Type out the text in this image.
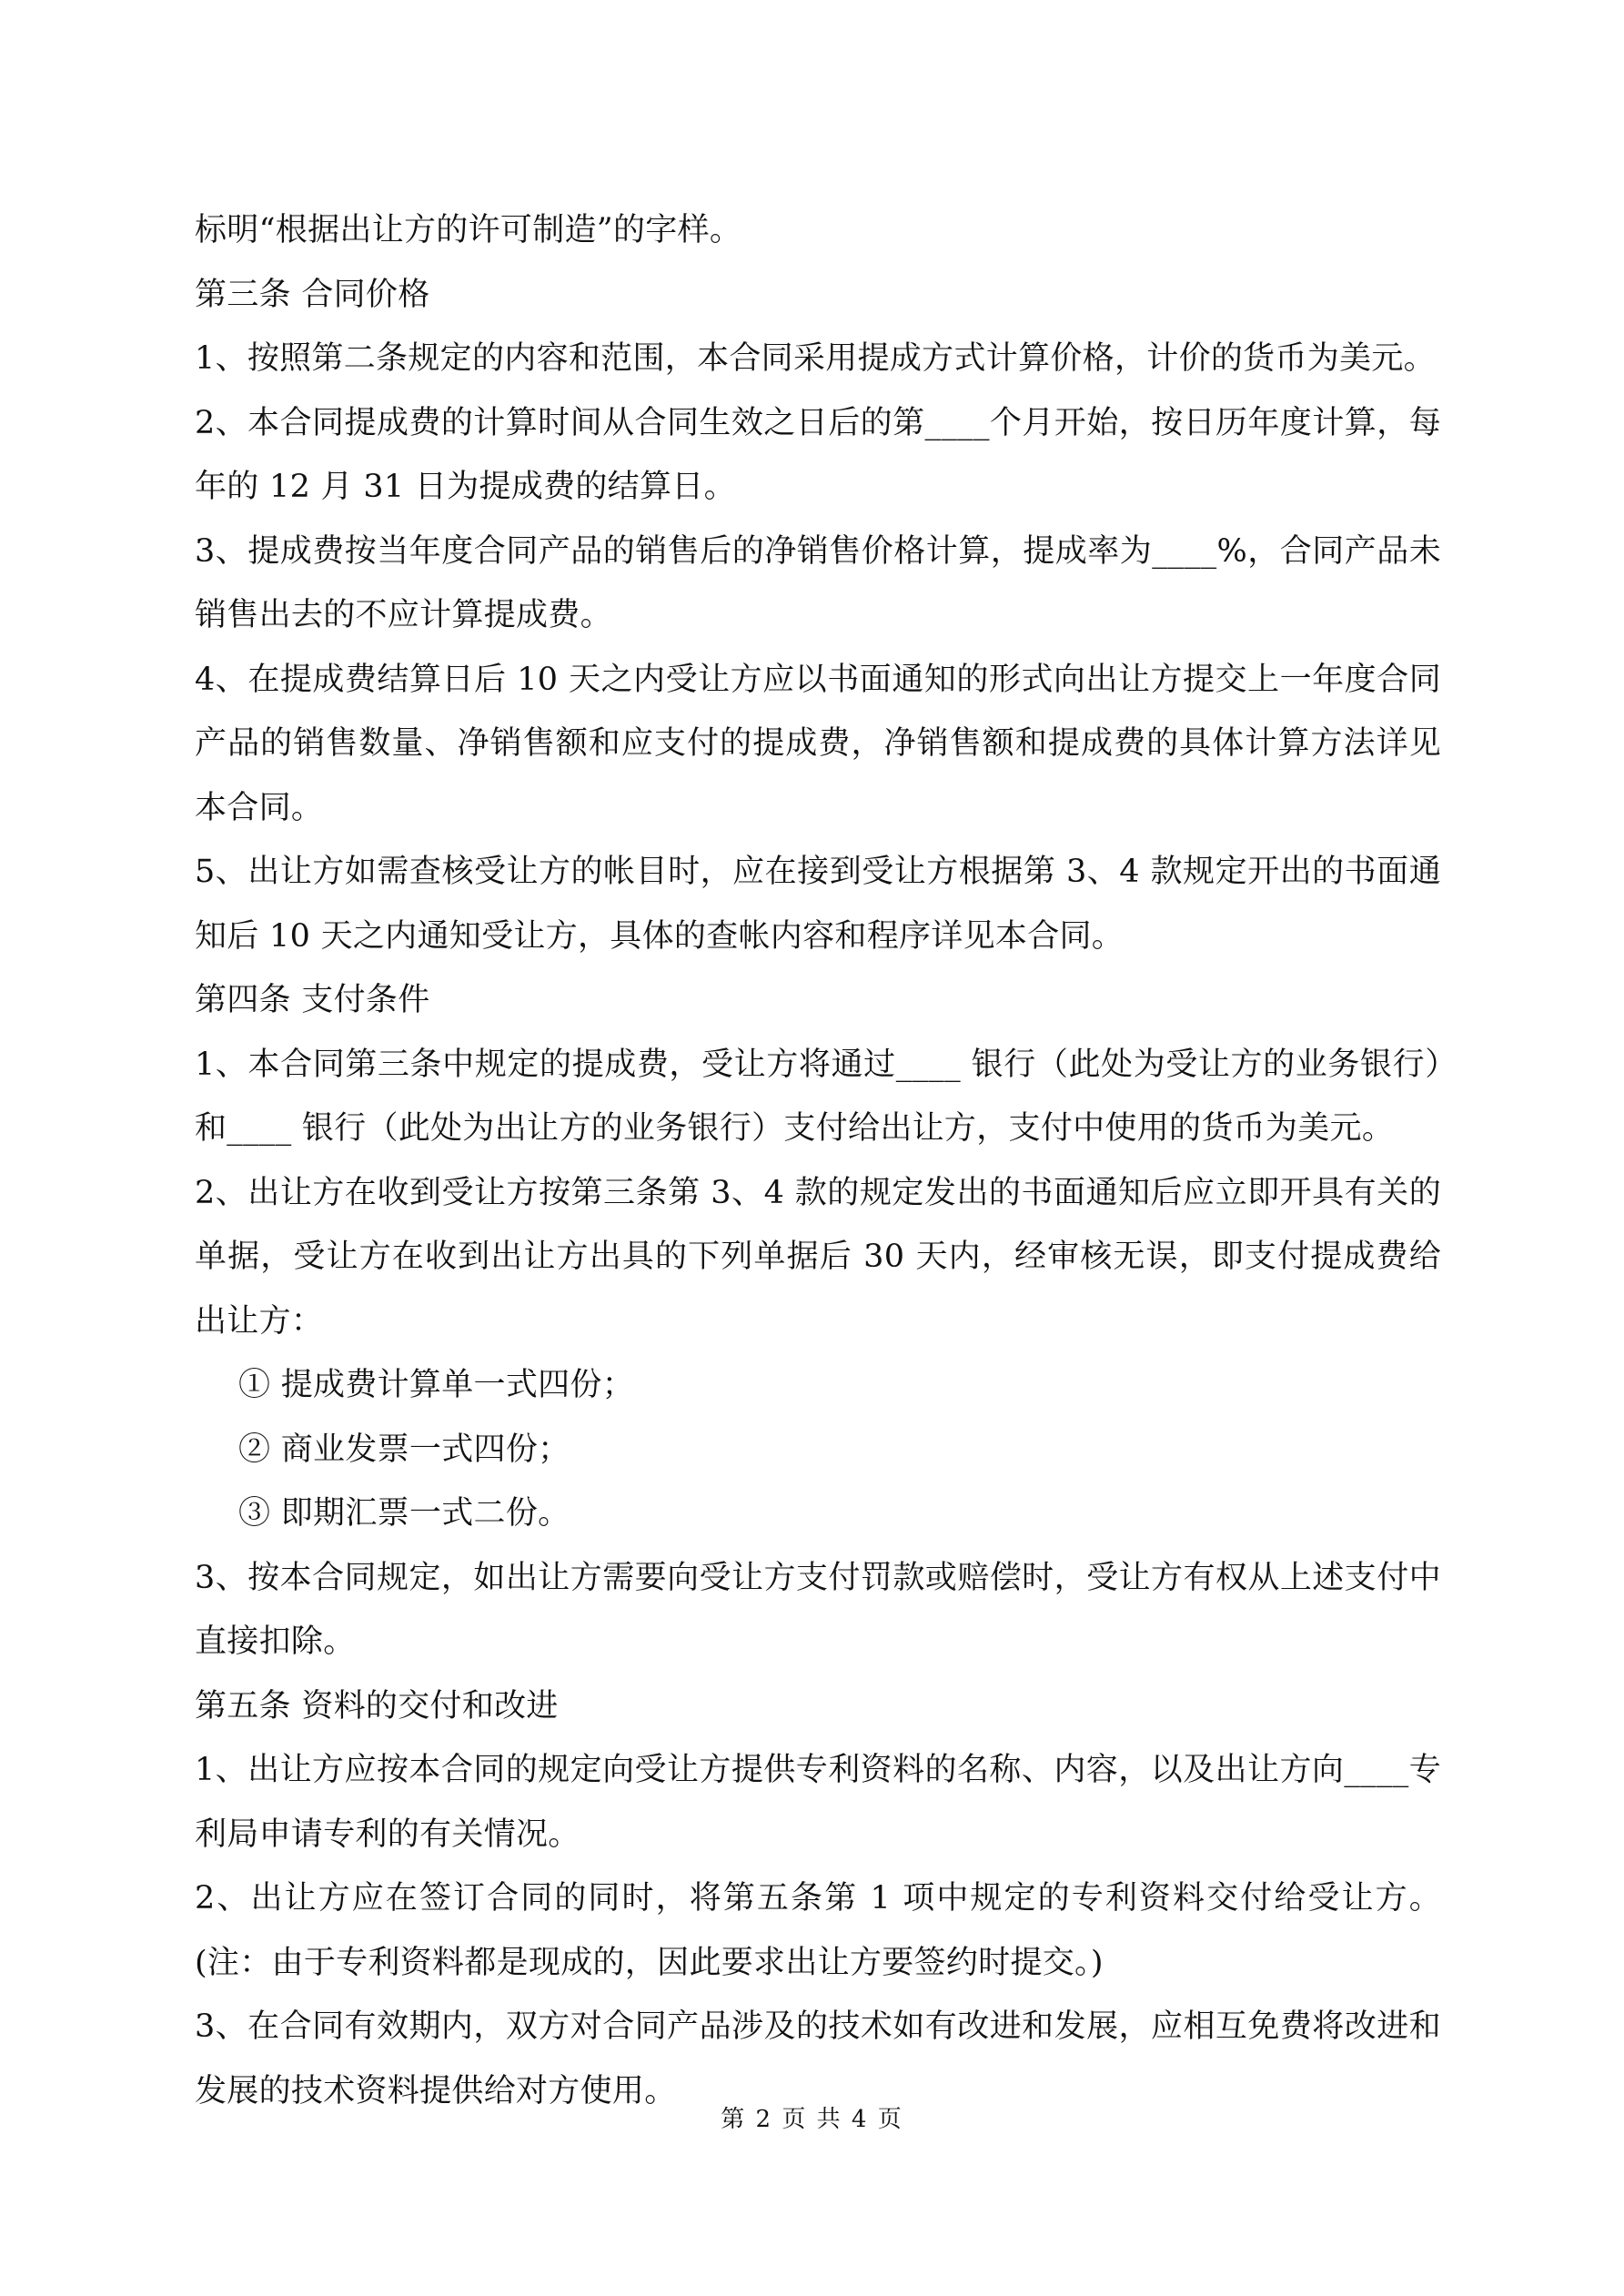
标明“根据出让方的许可制造”的字样。

第三条 合同价格

1、按照第二条规定的内容和范围，本合同采用提成方式计算价格，计价的货币为美元。

2、本合同提成费的计算时间从合同生效之日后的第____个月开始，按日历年度计算，每年的 12 月 31 日为提成费的结算日。

3、提成费按当年度合同产品的销售后的净销售价格计算，提成率为____%，合同产品未销售出去的不应计算提成费。

4、在提成费结算日后 10 天之内受让方应以书面通知的形式向出让方提交上一年度合同产品的销售数量、净销售额和应支付的提成费，净销售额和提成费的具体计算方法详见本合同。

5、出让方如需查核受让方的帐目时，应在接到受让方根据第 3、4 款规定开出的书面通知后 10 天之内通知受让方，具体的查帐内容和程序详见本合同。

第四条 支付条件

1、本合同第三条中规定的提成费，受让方将通过____ 银行（此处为受让方的业务银行）和____ 银行（此处为出让方的业务银行）支付给出让方，支付中使用的货币为美元。

2、出让方在收到受让方按第三条第 3、4 款的规定发出的书面通知后应立即开具有关的单据，受让方在收到出让方出具的下列单据后 30 天内，经审核无误，即支付提成费给出让方：

① 提成费计算单一式四份；

② 商业发票一式四份；

③ 即期汇票一式二份。

3、按本合同规定，如出让方需要向受让方支付罚款或赔偿时，受让方有权从上述支付中直接扣除。

第五条 资料的交付和改进

1、出让方应按本合同的规定向受让方提供专利资料的名称、内容，以及出让方向____专利局申请专利的有关情况。

2、出让方应在签订合同的同时，将第五条第 1 项中规定的专利资料交付给受让方。(注：由于专利资料都是现成的，因此要求出让方要签约时提交。)

3、在合同有效期内，双方对合同产品涉及的技术如有改进和发展，应相互免费将改进和发展的技术资料提供给对方使用。

第 2 页 共 4 页
